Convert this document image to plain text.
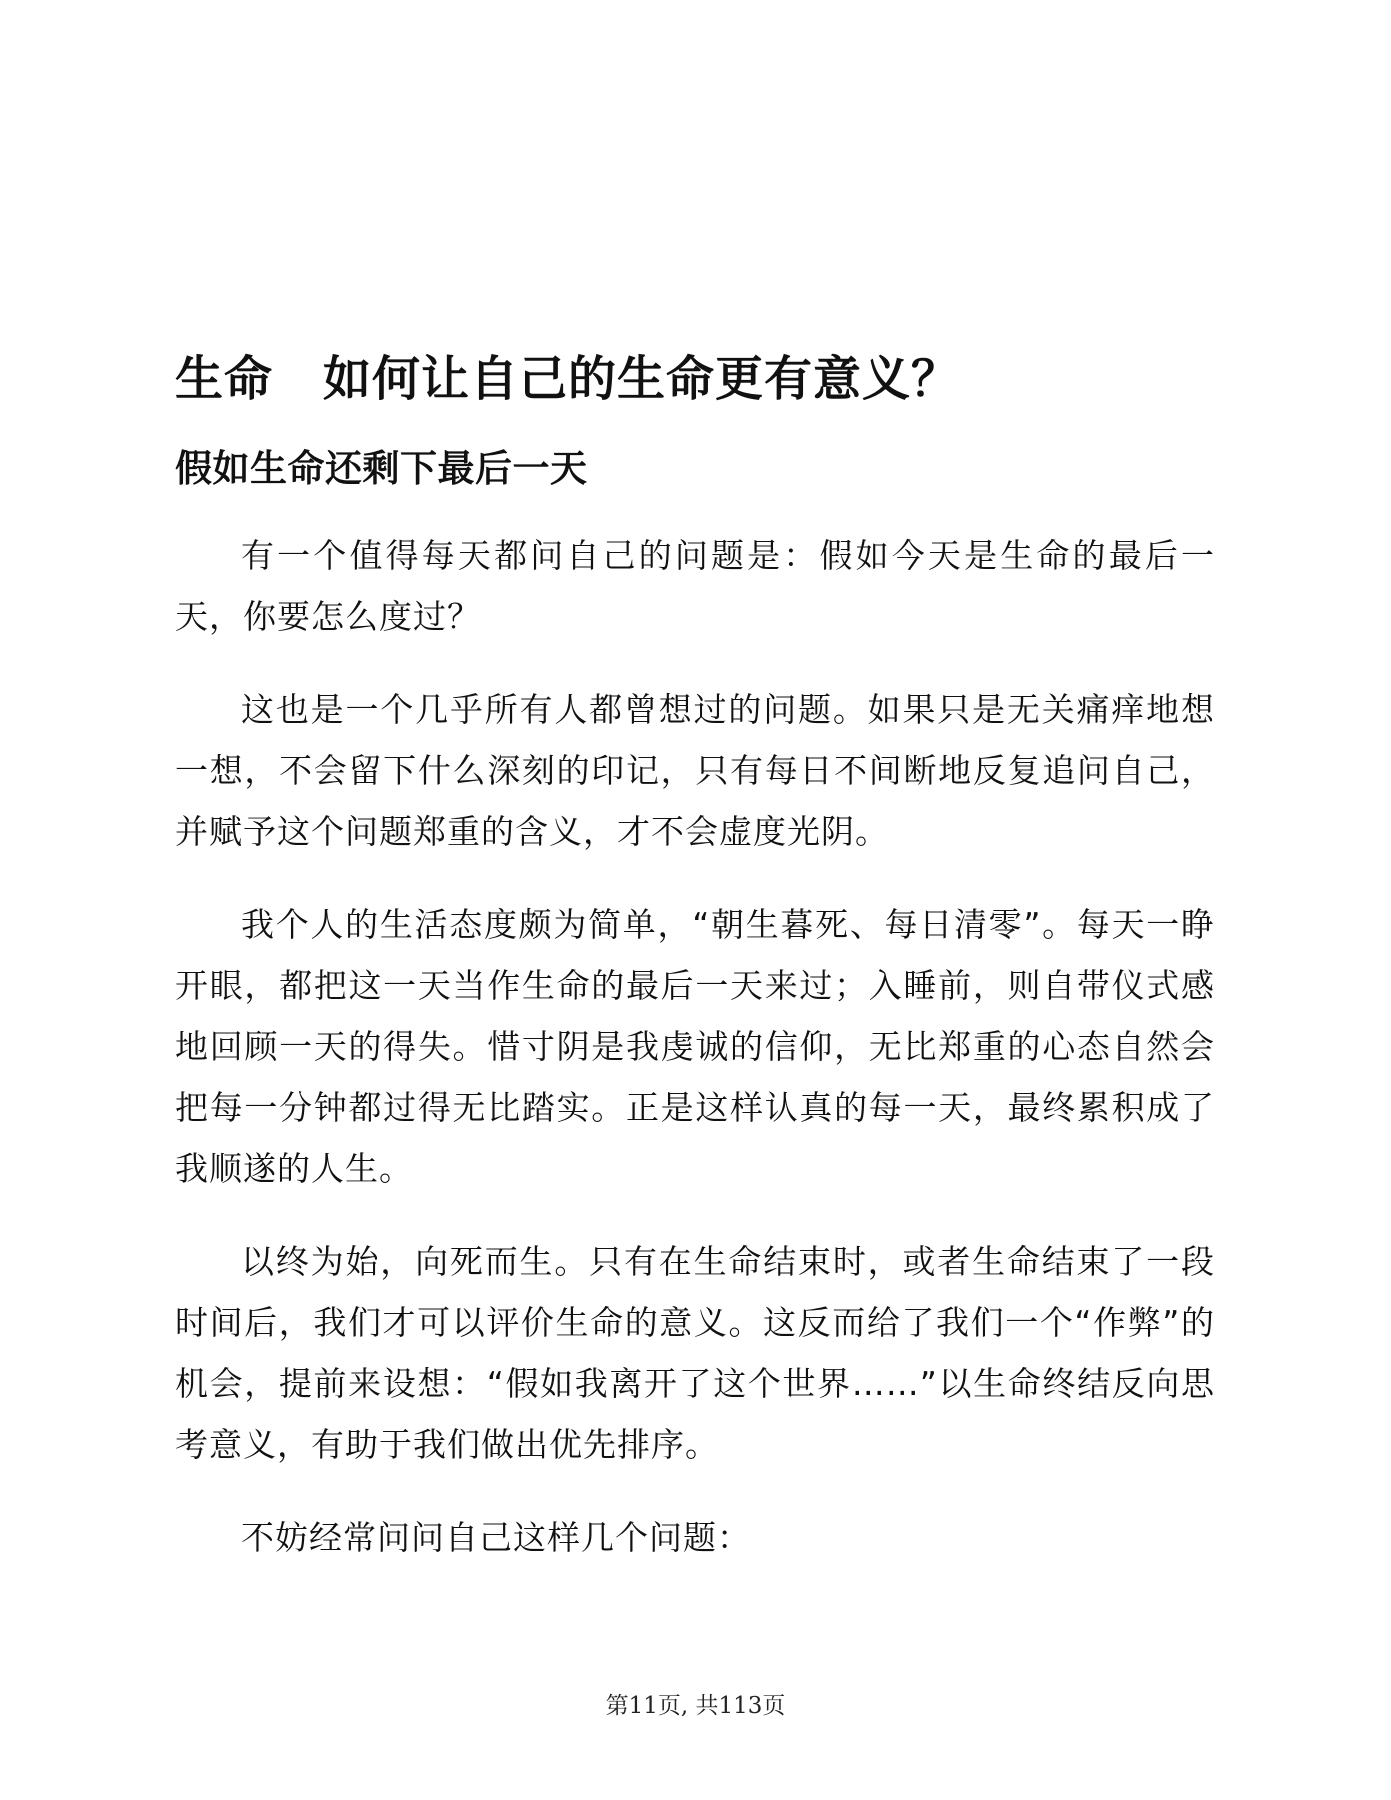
生命 如何让自己的生命更有意义？
假如生命还剩下最后一天

有一个值得每天都问自己的问题是：假如今天是生命的最后一天，你要怎么度过？

这也是一个几乎所有人都曾想过的问题。如果只是无关痛痒地想一想，不会留下什么深刻的印记，只有每日不间断地反复追问自己，并赋予这个问题郑重的含义，才不会虚度光阴。

我个人的生活态度颇为简单，“朝生暮死、每日清零”。每天一睁开眼，都把这一天当作生命的最后一天来过；入睡前，则自带仪式感地回顾一天的得失。惜寸阴是我虔诚的信仰，无比郑重的心态自然会把每一分钟都过得无比踏实。正是这样认真的每一天，最终累积成了我顺遂的人生。

以终为始，向死而生。只有在生命结束时，或者生命结束了一段时间后，我们才可以评价生命的意义。这反而给了我们一个“作弊”的机会，提前来设想：“假如我离开了这个世界……”以生命终结反向思考意义，有助于我们做出优先排序。

不妨经常问问自己这样几个问题：

第11页, 共113页
